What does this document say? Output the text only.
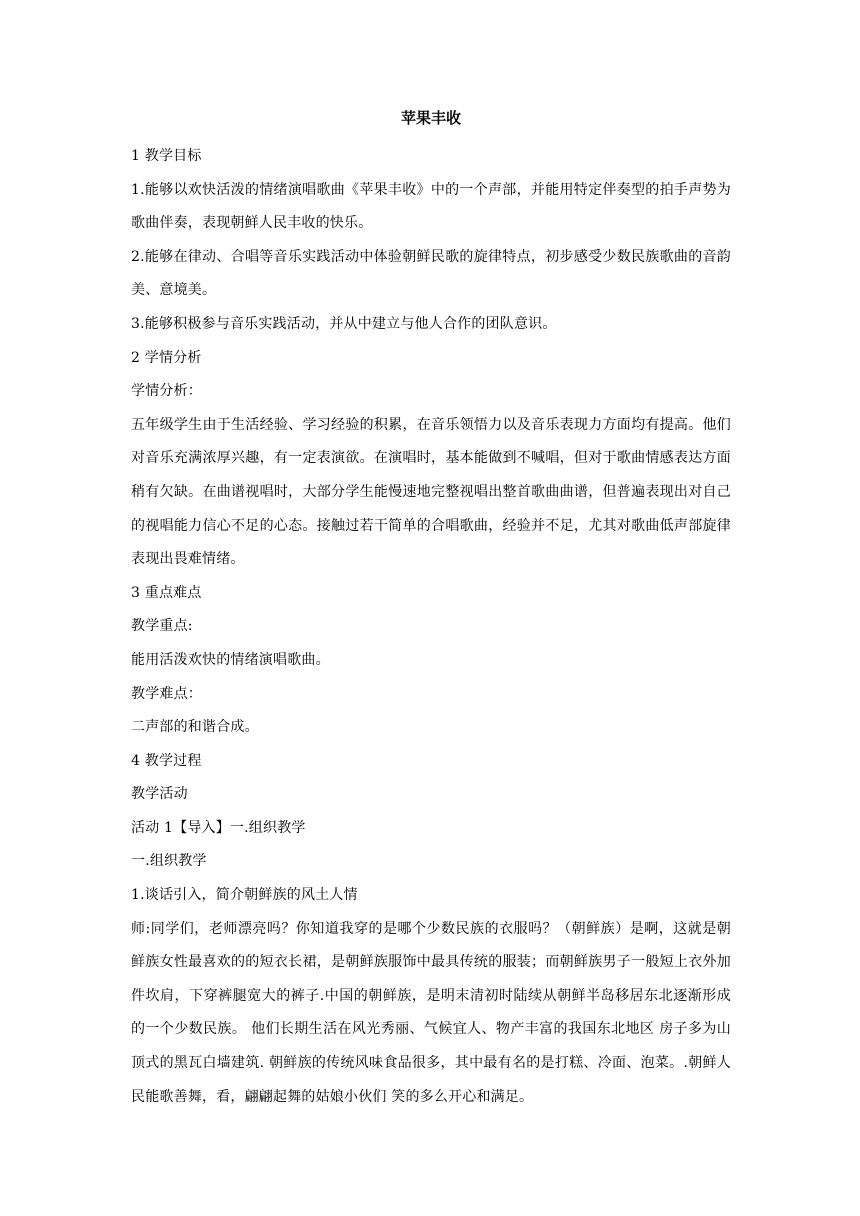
苹果丰收

1 教学目标

1.能够以欢快活泼的情绪演唱歌曲《苹果丰收》中的一个声部，并能用特定伴奏型的拍手声势为歌曲伴奏，表现朝鲜人民丰收的快乐。

2.能够在律动、合唱等音乐实践活动中体验朝鲜民歌的旋律特点，初步感受少数民族歌曲的音韵美、意境美。

3.能够积极参与音乐实践活动，并从中建立与他人合作的团队意识。

2 学情分析

学情分析：

五年级学生由于生活经验、学习经验的积累，在音乐领悟力以及音乐表现力方面均有提高。他们对音乐充满浓厚兴趣，有一定表演欲。在演唱时，基本能做到不喊唱，但对于歌曲情感表达方面稍有欠缺。在曲谱视唱时，大部分学生能慢速地完整视唱出整首歌曲曲谱，但普遍表现出对自己的视唱能力信心不足的心态。接触过若干简单的合唱歌曲，经验并不足，尤其对歌曲低声部旋律表现出畏难情绪。

3 重点难点

教学重点:

能用活泼欢快的情绪演唱歌曲。

教学难点：

二声部的和谐合成。

4 教学过程

教学活动

活动 1【导入】一.组织教学

一.组织教学

1.谈话引入，简介朝鲜族的风土人情

师:同学们，老师漂亮吗？你知道我穿的是哪个少数民族的衣服吗？（朝鲜族）是啊，这就是朝鲜族女性最喜欢的的短衣长裙，是朝鲜族服饰中最具传统的服装；而朝鲜族男子一般短上衣外加件坎肩，下穿裤腿宽大的裤子.中国的朝鲜族，是明末清初时陆续从朝鲜半岛移居东北逐渐形成的一个少数民族。 他们长期生活在风光秀丽、气候宜人、物产丰富的我国东北地区 房子多为山顶式的黑瓦白墙建筑. 朝鲜族的传统风味食品很多，其中最有名的是打糕、冷面、泡菜。.朝鲜人民能歌善舞，看，翩翩起舞的姑娘小伙们 笑的多么开心和满足。
